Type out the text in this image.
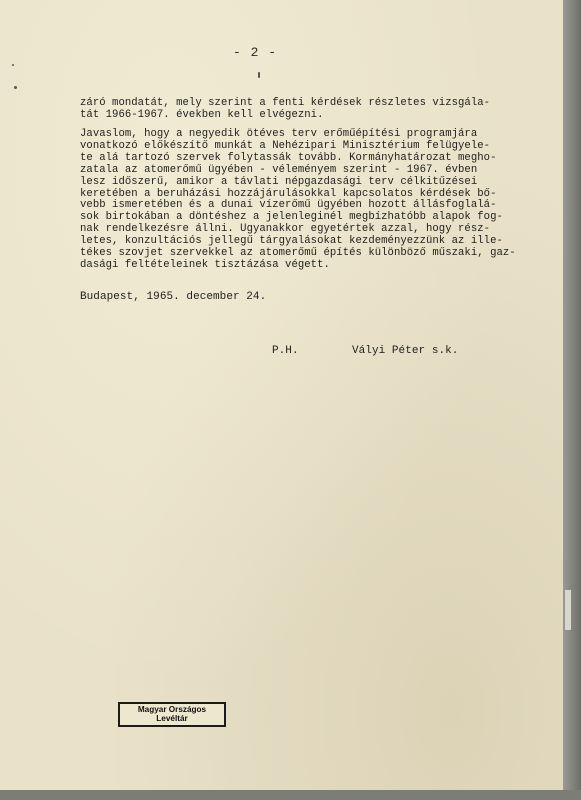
- 2 -
záró mondatát, mely szerint a fenti kérdések részletes vizsgála-
tát 1966-1967. években kell elvégezni.
Javaslom, hogy a negyedik ötéves terv erőműépítési programjára
vonatkozó előkészítő munkát a Nehézipari Minisztérium felügyele-
te alá tartozó szervek folytassák tovább. Kormányhatározat megho-
zatala az atomerőmű ügyében - véleményem szerint - 1967. évben
lesz időszerű, amikor a távlati népgazdasági terv célkitűzései
keretében a beruházási hozzájárulásokkal kapcsolatos kérdések bő-
vebb ismeretében és a dunai vízerőmű ügyében hozott állásfoglalá-
sok birtokában a döntéshez a jelenleginél megbízhatóbb alapok fog-
nak rendelkezésre állni. Ugyanakkor egyetértek azzal, hogy rész-
letes, konzultációs jellegű tárgyalásokat kezdeményezzünk az ille-
tékes szovjet szervekkel az atomerőmű építés különböző műszaki, gaz-
dasági feltételeinek tisztázása végett.
Budapest, 1965. december 24.
P.H.	Vályi Péter s.k.
Magyar Országos
Levéltár
